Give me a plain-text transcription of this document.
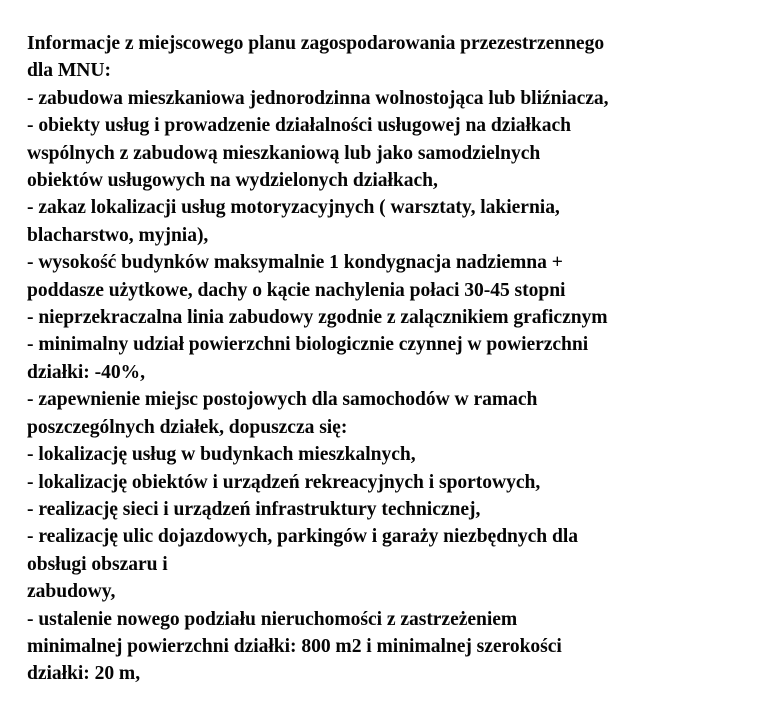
Informacje z miejscowego planu zagospodarowania przezestrzennego
dla MNU:
- zabudowa mieszkaniowa jednorodzinna wolnostojąca lub bliźniacza,
- obiekty usług i prowadzenie działalności usługowej na działkach
wspólnych z zabudową mieszkaniową lub jako samodzielnych
obiektów usługowych na wydzielonych działkach,
- zakaz lokalizacji usług motoryzacyjnych ( warsztaty, lakiernia,
blacharstwo, myjnia),
- wysokość budynków maksymalnie 1 kondygnacja nadziemna +
poddasze użytkowe, dachy o kącie nachylenia połaci 30-45 stopni
- nieprzekraczalna linia zabudowy zgodnie z zalącznikiem graficznym
- minimalny udział powierzchni biologicznie czynnej w powierzchni
działki: -40%,
- zapewnienie miejsc postojowych dla samochodów w ramach
poszczególnych działek, dopuszcza się:
- lokalizację usług w budynkach mieszkalnych,
- lokalizację obiektów i urządzeń rekreacyjnych i sportowych,
- realizację sieci i urządzeń infrastruktury technicznej,
- realizację ulic dojazdowych, parkingów i garaży niezbędnych dla
obsługi obszaru i
zabudowy,
- ustalenie nowego podziału nieruchomości z zastrzeżeniem
minimalnej powierzchni działki: 800 m2 i minimalnej szerokości
działki: 20 m,
